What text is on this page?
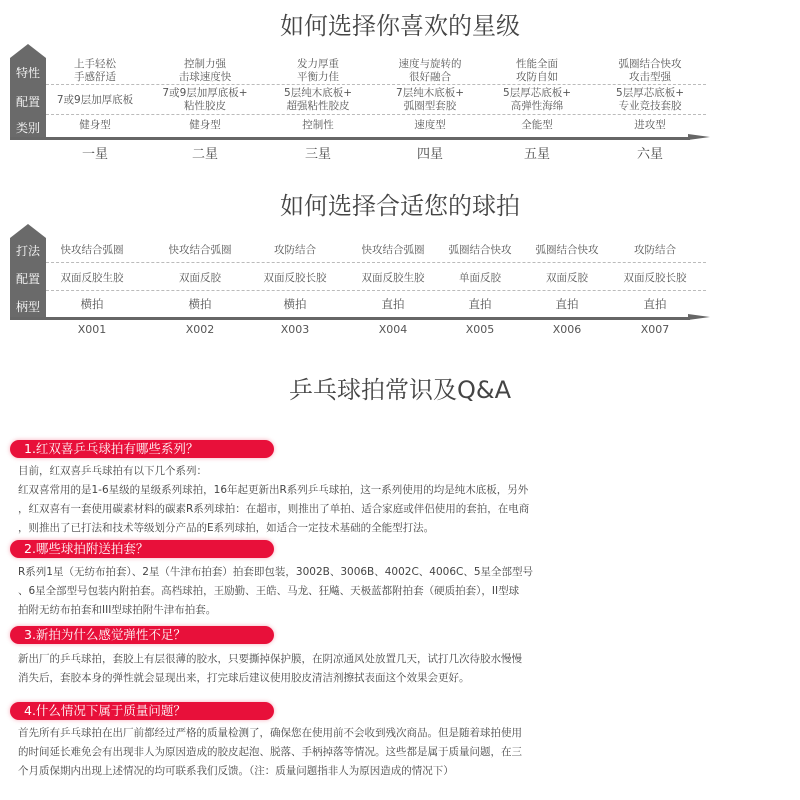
如何选择你喜欢的星级
特性
配置
类别
如何选择合适您的球拍
打法
配置
柄型
乒乓球拍常识及Q&A
上手轻松
手感舒适
7或9层加厚底板
健身型
一星
控制力强
击球速度快
7或9层加厚底板+
粘性胶皮
健身型
二星
发力厚重
平衡力佳
5层纯木底板+
超强粘性胶皮
控制性
三星
速度与旋转的
很好融合
7层纯木底板+
弧圈型套胶
速度型
四星
性能全面
攻防自如
5层厚芯底板+
高弹性海绵
全能型
五星
弧圈结合快攻
攻击型强
5层厚芯底板+
专业竞技套胶
进攻型
六星
快攻结合弧圈
双面反胶生胶
横拍
X001
快攻结合弧圈
双面反胶
横拍
X002
攻防结合
双面反胶长胶
横拍
X003
快攻结合弧圈
双面反胶生胶
直拍
X004
弧圈结合快攻
单面反胶
直拍
X005
弧圈结合快攻
双面反胶
直拍
X006
攻防结合
双面反胶长胶
直拍
X007
1.红双喜乒乓球拍有哪些系列？

目前，红双喜乒乓球拍有以下几个系列：

红双喜常用的是1-6星级的星级系列球拍，16年起更新出R系列乒乓球拍，这一系列使用的均是纯木底板，另外

，红双喜有一套使用碳素材料的碳素R系列球拍：在超市，则推出了单拍、适合家庭或伴侣使用的套拍，在电商

，则推出了已打法和技术等级划分产品的E系列球拍，如适合一定技术基础的全能型打法。

2.哪些球拍附送拍套？

R系列1星（无纺布拍套）、2星（牛津布拍套）拍套即包装，3002B、3006B、4002C、4006C、5星全部型号

、6星全部型号包装内附拍套。高档球拍，王励勤、王皓、马龙、狂飚、天极蓝都附拍套（硬质拍套），II型球

拍附无纺布拍套和III型球拍附牛津布拍套。

3.新拍为什么感觉弹性不足？

新出厂的乒乓球拍，套胶上有层很薄的胶水，只要撕掉保护膜，在阴凉通风处放置几天，试打几次待胶水慢慢

消失后，套胶本身的弹性就会显现出来，打完球后建议使用胶皮清洁剂擦拭表面这个效果会更好。

4.什么情况下属于质量问题？

首先所有乒乓球拍在出厂前都经过严格的质量检测了，确保您在使用前不会收到残次商品。但是随着球拍使用

的时间延长难免会有出现非人为原因造成的胶皮起泡、脱落、手柄掉落等情况。这些都是属于质量问题，在三

个月质保期内出现上述情况的均可联系我们反馈。（注：质量问题指非人为原因造成的情况下）
